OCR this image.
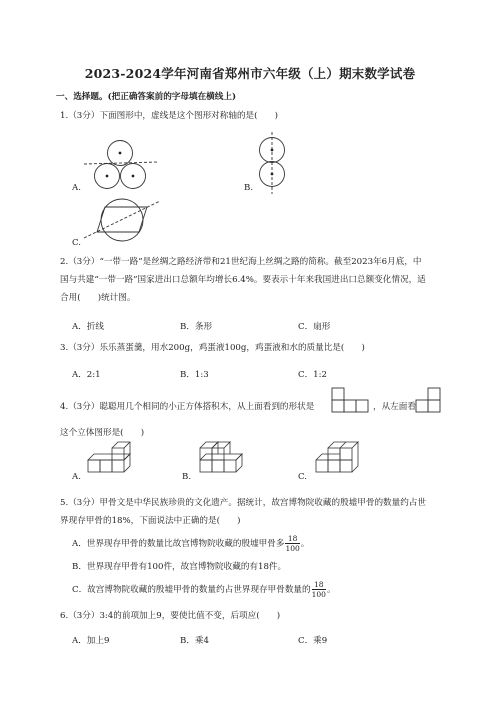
2023-2024学年河南省郑州市六年级（上）期末数学试卷
一、选择题。(把正确答案前的字母填在横线上)
1.（3分）下面图形中，虚线是这个图形对称轴的是(　　)
A.	B.
C.
2.（3分）“一带一路”是丝绸之路经济带和21世纪海上丝绸之路的简称。截至2023年6月底，中
国与共建“一带一路”国家进出口总额年均增长6.4%。要表示十年来我国进出口总额变化情况，适
合用(　　)统计图。
A．折线	B．条形	C．扇形
3.（3分）乐乐蒸蛋羹，用水200g，鸡蛋液100g，鸡蛋液和水的质量比是(　　)
A．2:1	B．1:3	C．1:2
4.（3分）聪聪用几个相同的小正方体搭积木，从上面看到的形状是	，从左面看
这个立体图形是(　　)
A.	B.	C.
5.（3分）甲骨文是中华民族珍贵的文化遗产。据统计，故宫博物院收藏的殷墟甲骨的数量约占世
界现存甲骨的18%，下面说法中正确的是(　　)
A．世界现存甲骨的数量比故宫博物院收藏的殷墟甲骨多 $\frac{18}{100}$ 。
B．世界现存甲骨有100件，故宫博物院收藏的有18件。
C．故宫博物院收藏的殷墟甲骨的数量约占世界现存甲骨数量的 $\frac{18}{100}$ 。
6.（3分）3:4的前项加上9，要使比值不变，后项应(　　)
A．加上9	B．乘4	C．乘9
